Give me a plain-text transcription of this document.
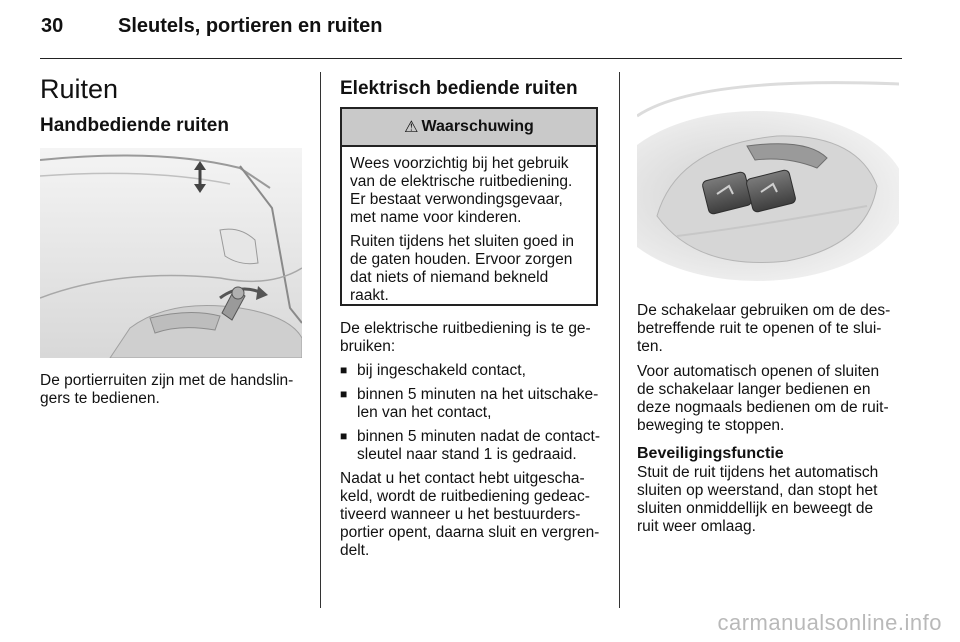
30	Sleutels, portieren en ruiten
Ruiten
Handbediende ruiten
De portierruiten zijn met de handslin-
gers te bedienen.
Elektrisch bediende ruiten
⚠ Waarschuwing

Wees voorzichtig bij het gebruik van de elektrische ruitbediening. Er bestaat verwondingsgevaar, met name voor kinderen.

Ruiten tijdens het sluiten goed in de gaten houden. Ervoor zorgen dat niets of niemand bekneld raakt.

De elektrische ruitbediening is te ge-
bruiken:
■ bij ingeschakeld contact,
■ binnen 5 minuten na het uitschake-
len van het contact,
■ binnen 5 minuten nadat de contact-
sleutel naar stand 1 is gedraaid.
Nadat u het contact hebt uitgescha-
keld, wordt de ruitbediening gedeac-
tiveerd wanneer u het bestuurders-
portier opent, daarna sluit en vergren-
delt.
De schakelaar gebruiken om de des-
betreffende ruit te openen of te slui-
ten.
Voor automatisch openen of sluiten
de schakelaar langer bedienen en
deze nogmaals bedienen om de ruit-
beweging te stoppen.
Beveiligingsfunctie
Stuit de ruit tijdens het automatisch
sluiten op weerstand, dan stopt het
sluiten onmiddellijk en beweegt de
ruit weer omlaag.
carmanualsonline.info
